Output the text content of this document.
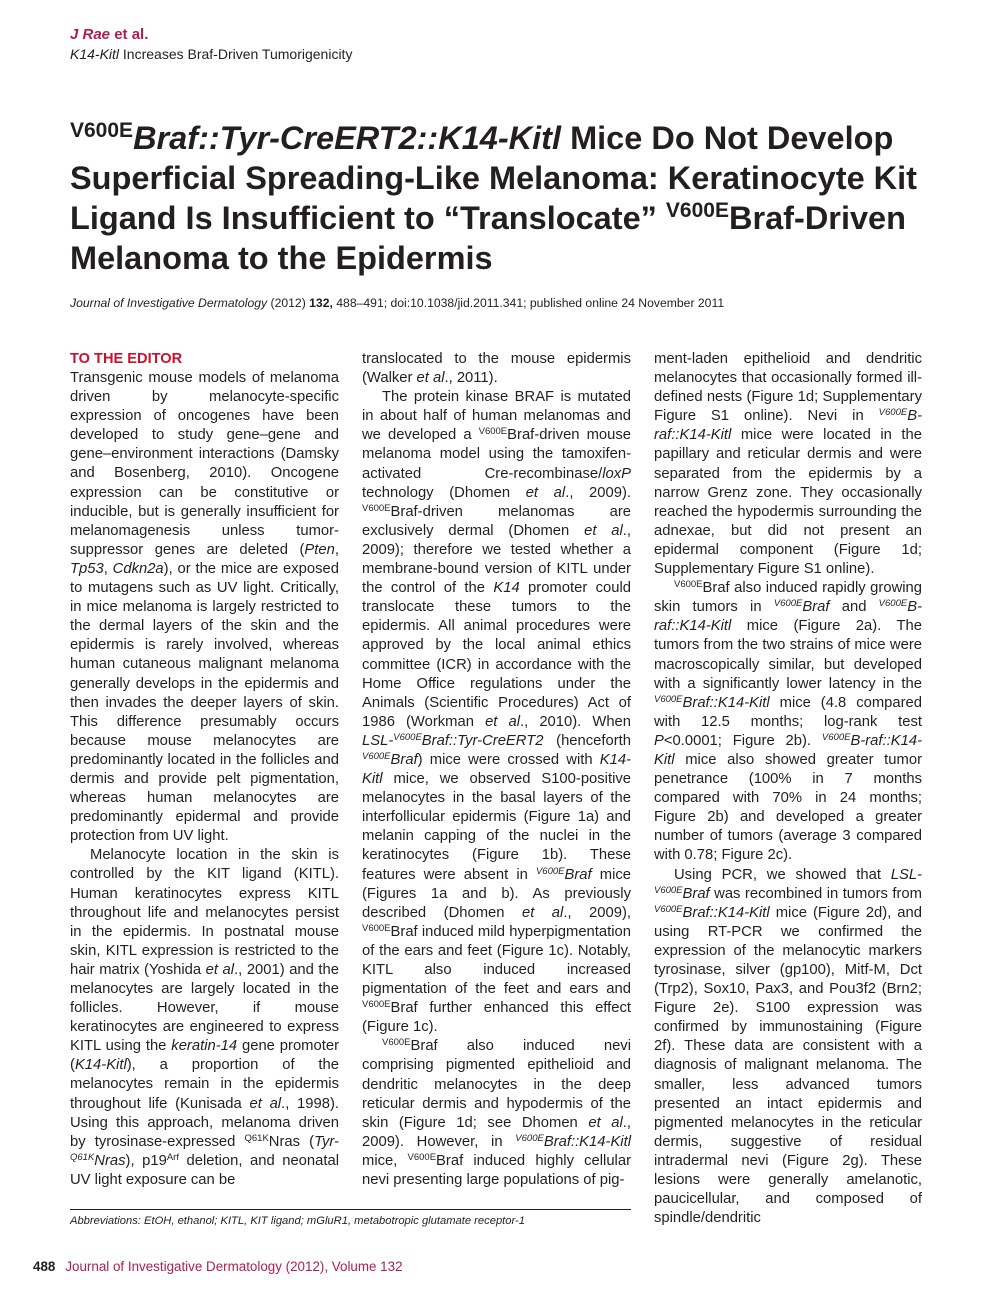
J Rae et al.
K14-Kitl Increases Braf-Driven Tumorigenicity
$^{V600E}$Braf::Tyr-CreERT2::K14-Kitl Mice Do Not Develop Superficial Spreading-Like Melanoma: Keratinocyte Kit Ligand Is Insufficient to “Translocate” $^{V600E}$Braf-Driven Melanoma to the Epidermis
Journal of Investigative Dermatology (2012) 132, 488–491; doi:10.1038/jid.2011.341; published online 24 November 2011
TO THE EDITOR

Transgenic mouse models of melanoma driven by melanocyte-specific expression of oncogenes have been developed to study gene–gene and gene–environment interactions (Damsky and Bosenberg, 2010). Oncogene expression can be constitutive or inducible, but is generally insufficient for melanomagenesis unless tumor-suppressor genes are deleted (Pten, Tp53, Cdkn2a), or the mice are exposed to mutagens such as UV light. Critically, in mice melanoma is largely restricted to the dermal layers of the skin and the epidermis is rarely involved, whereas human cutaneous malignant melanoma generally develops in the epidermis and then invades the deeper layers of skin. This difference presumably occurs because mouse melanocytes are predominantly located in the follicles and dermis and provide pelt pigmentation, whereas human melanocytes are predominantly epidermal and provide protection from UV light.

Melanocyte location in the skin is controlled by the KIT ligand (KITL). Human keratinocytes express KITL throughout life and melanocytes persist in the epidermis. In postnatal mouse skin, KITL expression is restricted to the hair matrix (Yoshida et al., 2001) and the melanocytes are largely located in the follicles. However, if mouse keratinocytes are engineered to express KITL using the keratin-14 gene promoter (K14-Kitl), a proportion of the melanocytes remain in the epidermis throughout life (Kunisada et al., 1998). Using this approach, melanoma driven by tyrosinase-expressed $^{Q61K}$Nras (Tyr-$^{Q61K}$Nras), $p19^{Arf}$ deletion, and neonatal UV light exposure can be

translocated to the mouse epidermis (Walker et al., 2011).

The protein kinase BRAF is mutated in about half of human melanomas and we developed a $^{V600E}$Braf-driven mouse melanoma model using the tamoxifen-activated Cre-recombinase/loxP technology (Dhomen et al., 2009). $^{V600E}$Braf-driven melanomas are exclusively dermal (Dhomen et al., 2009); therefore we tested whether a membrane-bound version of KITL under the control of the K14 promoter could translocate these tumors to the epidermis. All animal procedures were approved by the local animal ethics committee (ICR) in accordance with the Home Office regulations under the Animals (Scientific Procedures) Act of 1986 (Workman et al., 2010). When LSL-$^{V600E}$Braf::Tyr-CreERT2 (henceforth $^{V600E}$Braf) mice were crossed with K14-Kitl mice, we observed S100-positive melanocytes in the basal layers of the interfollicular epidermis (Figure 1a) and melanin capping of the nuclei in the keratinocytes (Figure 1b). These features were absent in $^{V600E}$Braf mice (Figures 1a and b). As previously described (Dhomen et al., 2009), $^{V600E}$Braf induced mild hyperpigmentation of the ears and feet (Figure 1c). Notably, KITL also induced increased pigmentation of the feet and ears and $^{V600E}$Braf further enhanced this effect (Figure 1c).

$^{V600E}$Braf also induced nevi comprising pigmented epithelioid and dendritic melanocytes in the deep reticular dermis and hypodermis of the skin (Figure 1d; see Dhomen et al., 2009). However, in $^{V600E}$Braf::K14-Kitl mice, $^{V600E}$Braf induced highly cellular nevi presenting large populations of pig-

ment-laden epithelioid and dendritic melanocytes that occasionally formed ill-defined nests (Figure 1d; Supplementary Figure S1 online). Nevi in $^{V600E}$B-raf::K14-Kitl mice were located in the papillary and reticular dermis and were separated from the epidermis by a narrow Grenz zone. They occasionally reached the hypodermis surrounding the adnexae, but did not present an epidermal component (Figure 1d; Supplementary Figure S1 online).

$^{V600E}$Braf also induced rapidly growing skin tumors in $^{V600E}$Braf and $^{V600E}$B-raf::K14-Kitl mice (Figure 2a). The tumors from the two strains of mice were macroscopically similar, but developed with a significantly lower latency in the $^{V600E}$Braf::K14-Kitl mice (4.8 compared with 12.5 months; log-rank test P<0.0001; Figure 2b). $^{V600E}$B-raf::K14-Kitl mice also showed greater tumor penetrance (100% in 7 months compared with 70% in 24 months; Figure 2b) and developed a greater number of tumors (average 3 compared with 0.78; Figure 2c).

Using PCR, we showed that LSL-$^{V600E}$Braf was recombined in tumors from $^{V600E}$Braf::K14-Kitl mice (Figure 2d), and using RT-PCR we confirmed the expression of the melanocytic markers tyrosinase, silver (gp100), Mitf-M, Dct (Trp2), Sox10, Pax3, and Pou3f2 (Brn2; Figure 2e). S100 expression was confirmed by immunostaining (Figure 2f). These data are consistent with a diagnosis of malignant melanoma. The smaller, less advanced tumors presented an intact epidermis and pigmented melanocytes in the reticular dermis, suggestive of residual intradermal nevi (Figure 2g). These lesions were generally amelanotic, paucicellular, and composed of spindle/dendritic

Abbreviations: EtOH, ethanol; KITL, KIT ligand; mGluR1, metabotropic glutamate receptor-1
488 Journal of Investigative Dermatology (2012), Volume 132
